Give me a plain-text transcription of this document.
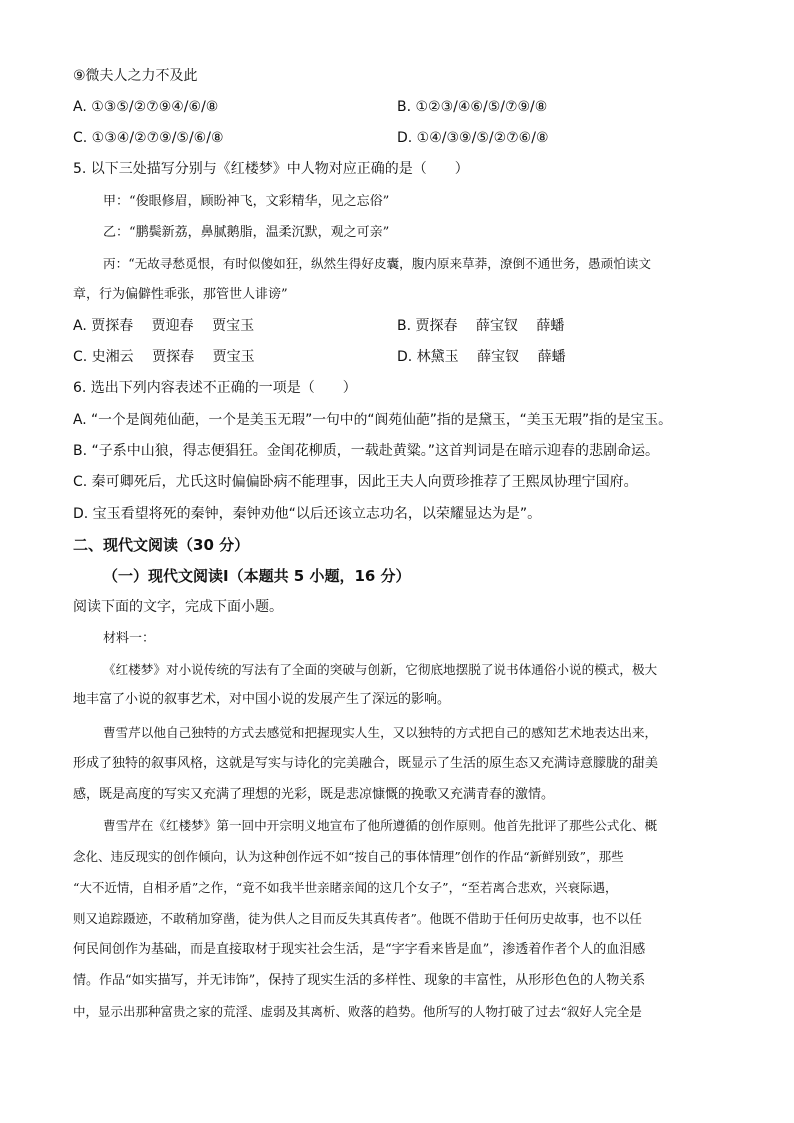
⑨微夫人之力不及此
A. ①③⑤/②⑦⑨④/⑥/⑧	B. ①②③/④⑥/⑤/⑦⑨/⑧
C. ①③④/②⑦⑨/⑤/⑥/⑧	D. ①④/③⑨/⑤/②⑦⑥/⑧
5. 以下三处描写分别与《红楼梦》中人物对应正确的是（　　）
甲：“俊眼修眉，顾盼神飞，文彩精华，见之忘俗”
乙：“鹏鬓新荔，鼻腻鹅脂，温柔沉默，观之可亲”
丙：“无故寻愁觅恨，有时似傻如狂，纵然生得好皮囊，腹内原来草莽，潦倒不通世务，愚顽怕读文
章，行为偏僻性乖张，那管世人诽谤”
A. 贾探春　 贾迎春　 贾宝玉	B. 贾探春　 薛宝钗　 薛蟠
C. 史湘云　 贾探春　 贾宝玉	D. 林黛玉　 薛宝钗　 薛蟠
6. 选出下列内容表述不正确的一项是（　　）
A. “一个是阆苑仙葩，一个是美玉无瑕”一句中的“阆苑仙葩”指的是黛玉，“美玉无瑕”指的是宝玉。
B. “子系中山狼，得志便猖狂。金闺花柳质，一载赴黄粱。”这首判词是在暗示迎春的悲剧命运。
C. 秦可卿死后，尤氏这时偏偏卧病不能理事，因此王夫人向贾珍推荐了王熙凤协理宁国府。
D. 宝玉看望将死的秦钟，秦钟劝他“以后还该立志功名，以荣耀显达为是”。
二、现代文阅读（30 分）
（一）现代文阅读Ⅰ（本题共 5 小题，16 分）
阅读下面的文字，完成下面小题。
材料一：
《红楼梦》对小说传统的写法有了全面的突破与创新，它彻底地摆脱了说书体通俗小说的模式，极大
地丰富了小说的叙事艺术，对中国小说的发展产生了深远的影响。
曹雪芹以他自己独特的方式去感觉和把握现实人生，又以独特的方式把自己的感知艺术地表达出来，
形成了独特的叙事风格，这就是写实与诗化的完美融合，既显示了生活的原生态又充满诗意朦胧的甜美
感，既是高度的写实又充满了理想的光彩，既是悲凉慷慨的挽歌又充满青春的激情。
曹雪芹在《红楼梦》第一回中开宗明义地宣布了他所遵循的创作原则。他首先批评了那些公式化、概
念化、违反现实的创作倾向，认为这种创作远不如“按自己的事体情理”创作的作品“新鲜别致”，那些
“大不近情，自相矛盾”之作，“竟不如我半世亲睹亲闻的这几个女子”，“至若离合悲欢，兴衰际遇，
则又追踪蹑迹，不敢稍加穿凿，徒为供人之目而反失其真传者”。他既不借助于任何历史故事，也不以任
何民间创作为基础，而是直接取材于现实社会生活，是“字字看来皆是血”，渗透着作者个人的血泪感
情。作品“如实描写，并无讳饰”，保持了现实生活的多样性、现象的丰富性，从形形色色的人物关系
中，显示出那种富贵之家的荒淫、虚弱及其离析、败落的趋势。他所写的人物打破了过去“叙好人完全是
